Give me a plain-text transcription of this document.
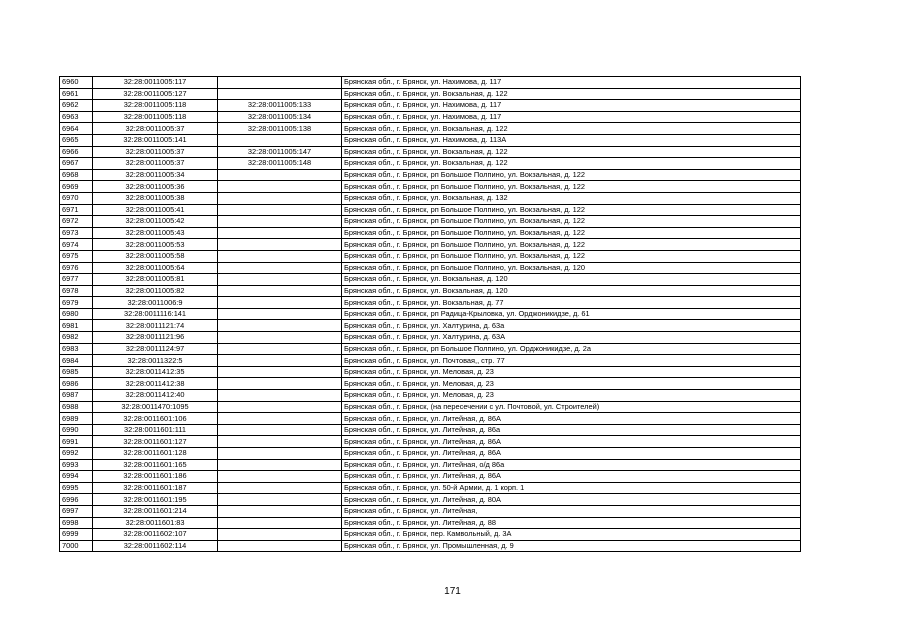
6960	32:28:0011005:117		Брянская обл., г. Брянск, ул. Нахимова, д. 117
6961	32:28:0011005:127		Брянская обл., г. Брянск, ул. Вокзальная, д. 122
6962	32:28:0011005:118	32:28:0011005:133	Брянская обл., г. Брянск, ул. Нахимова, д. 117
6963	32:28:0011005:118	32:28:0011005:134	Брянская обл., г. Брянск, ул. Нахимова, д. 117
6964	32:28:0011005:37	32:28:0011005:138	Брянская обл., г. Брянск, ул. Вокзальная, д. 122
6965	32:28:0011005:141		Брянская обл., г. Брянск, ул. Нахимова, д. 113А
6966	32:28:0011005:37	32:28:0011005:147	Брянская обл., г. Брянск, ул. Вокзальная, д. 122
6967	32:28:0011005:37	32:28:0011005:148	Брянская обл., г. Брянск, ул. Вокзальная, д. 122
6968	32:28:0011005:34		Брянская обл., г. Брянск, рп Большое Полпино, ул. Вокзальная, д. 122
6969	32:28:0011005:36		Брянская обл., г. Брянск, рп Большое Полпино, ул. Вокзальная, д. 122
6970	32:28:0011005:38		Брянская обл., г. Брянск, ул. Вокзальная, д. 132
6971	32:28:0011005:41		Брянская обл., г. Брянск, рп Большое Полпино, ул. Вокзальная, д. 122
6972	32:28:0011005:42		Брянская обл., г. Брянск, рп Большое Полпино, ул. Вокзальная, д. 122
6973	32:28:0011005:43		Брянская обл., г. Брянск, рп Большое Полпино, ул. Вокзальная, д. 122
6974	32:28:0011005:53		Брянская обл., г. Брянск, рп Большое Полпино, ул. Вокзальная, д. 122
6975	32:28:0011005:58		Брянская обл., г. Брянск, рп Большое Полпино, ул. Вокзальная, д. 122
6976	32:28:0011005:64		Брянская обл., г. Брянск, рп Большое Полпино, ул. Вокзальная, д. 120
6977	32:28:0011005:81		Брянская обл., г. Брянск, ул. Вокзальная, д. 120
6978	32:28:0011005:82		Брянская обл., г. Брянск, ул. Вокзальная, д. 120
6979	32:28:0011006:9		Брянская обл., г. Брянск, ул. Вокзальная, д. 77
6980	32:28:0011116:141		Брянская обл., г. Брянск, рп Радица-Крыловка, ул. Орджоникидзе, д. 61
6981	32:28:0011121:74		Брянская обл., г. Брянск, ул. Халтурина, д. 63а
6982	32:28:0011121:96		Брянская обл., г. Брянск, ул. Халтурина, д. 63А
6983	32:28:0011124:97		Брянская обл., г. Брянск, рп Большое Полпино, ул. Орджоникидзе, д. 2а
6984	32:28:0011322:5		Брянская обл., г. Брянск, ул. Почтовая,, стр. 77
6985	32:28:0011412:35		Брянская обл., г. Брянск, ул. Меловая, д. 23
6986	32:28:0011412:38		Брянская обл., г. Брянск, ул. Меловая, д. 23
6987	32:28:0011412:40		Брянская обл., г. Брянск, ул. Меловая, д. 23
6988	32:28:0011470:1095		Брянская обл., г. Брянск, (на пересечении с ул. Почтовой, ул. Строителей)
6989	32:28:0011601:106		Брянская обл., г. Брянск, ул. Литейная, д. 86А
6990	32:28:0011601:111		Брянская обл., г. Брянск, ул. Литейная, д. 86а
6991	32:28:0011601:127		Брянская обл., г. Брянск, ул. Литейная, д. 86А
6992	32:28:0011601:128		Брянская обл., г. Брянск, ул. Литейная, д. 86А
6993	32:28:0011601:165		Брянская обл., г. Брянск, ул. Литейная, о/д 86а
6994	32:28:0011601:186		Брянская обл., г. Брянск, ул. Литейная, д. 86А
6995	32:28:0011601:187		Брянская обл., г. Брянск, ул. 50-й Армии, д. 1 корп. 1
6996	32:28:0011601:195		Брянская обл., г. Брянск, ул. Литейная, д. 80А
6997	32:28:0011601:214		Брянская обл., г. Брянск, ул. Литейная,
6998	32:28:0011601:83		Брянская обл., г. Брянск, ул. Литейная, д. 88
6999	32:28:0011602:107		Брянская обл., г. Брянск, пер. Камвольный, д. 3А
7000	32:28:0011602:114		Брянская обл., г. Брянск, ул. Промышленная, д. 9
171
